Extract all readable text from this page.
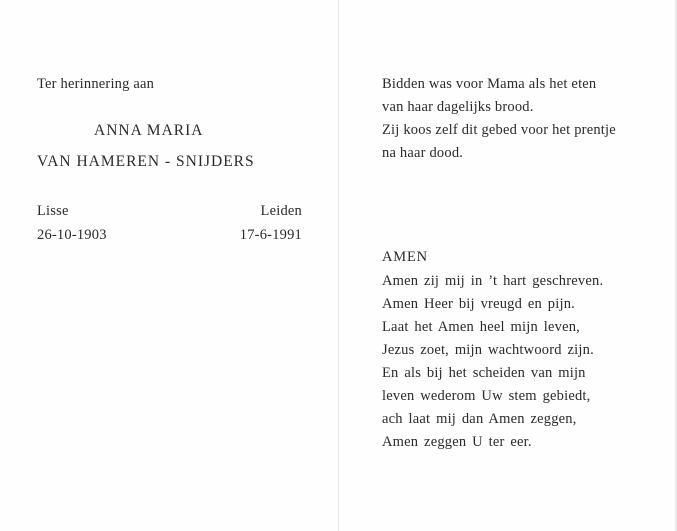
Ter herinnering aan
ANNA MARIA
VAN HAMEREN - SNIJDERS
Lisse
26-10-1903
Leiden
17-6-1991
Bidden was voor Mama als het eten
van haar dagelijks brood.
Zij koos zelf dit gebed voor het prentje
na haar dood.
AMEN
Amen zij mij in ’t hart geschreven.
Amen Heer bij vreugd en pijn.
Laat het Amen heel mijn leven,
Jezus zoet, mijn wachtwoord zijn.
En als bij het scheiden van mijn
leven wederom Uw stem gebiedt,
ach laat mij dan Amen zeggen,
Amen zeggen U ter eer.
